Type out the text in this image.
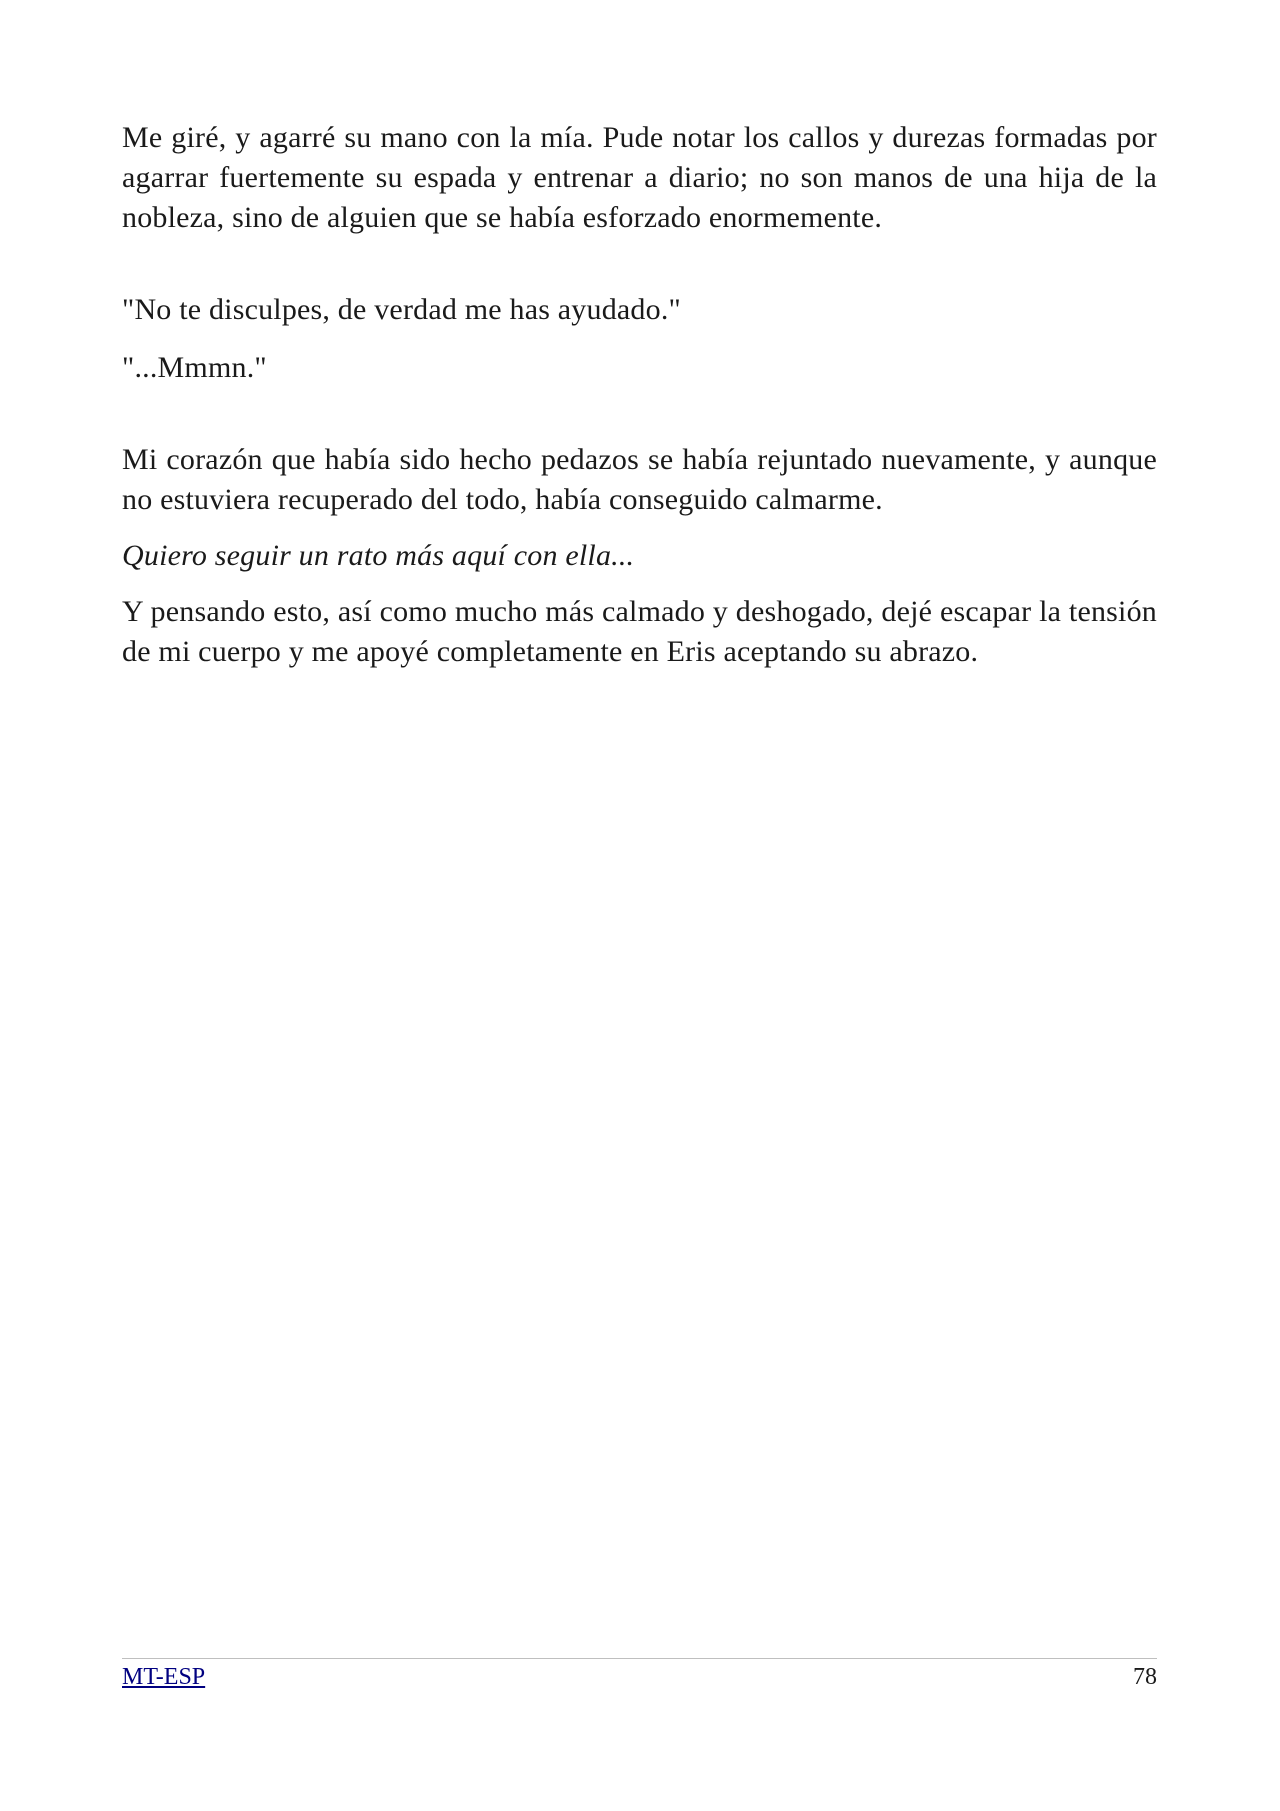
Me giré, y agarré su mano con la mía. Pude notar los callos y durezas formadas por agarrar fuertemente su espada y entrenar a diario; no son manos de una hija de la nobleza, sino de alguien que se había esforzado enormemente.

"No te disculpes, de verdad me has ayudado."

"...Mmmn."

Mi corazón que había sido hecho pedazos se había rejuntado nuevamente, y aunque no estuviera recuperado del todo, había conseguido calmarme.

Quiero seguir un rato más aquí con ella...

Y pensando esto, así como mucho más calmado y deshogado, dejé escapar la tensión de mi cuerpo y me apoyé completamente en Eris aceptando su abrazo.

MT-ESP	78
